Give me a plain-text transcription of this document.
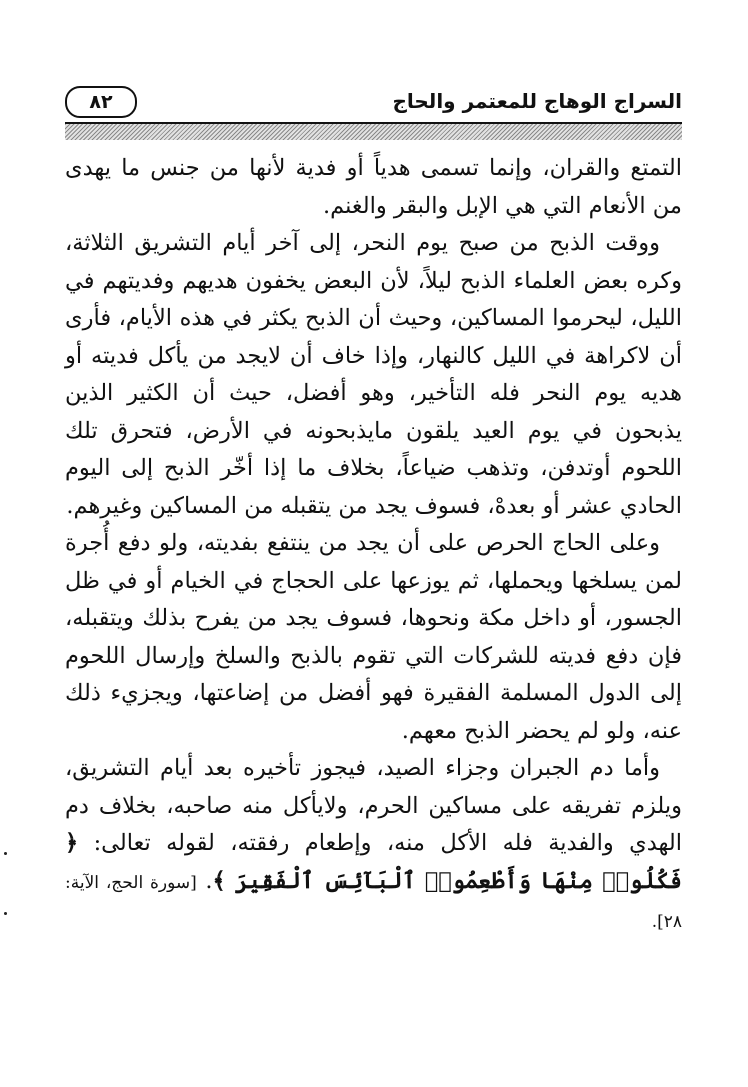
السراج الوهاج للمعتمر والحاج
٨٢

التمتع والقران، وإنما تسمى هدياً أو فدية لأنها من جنس ما يهدى من الأنعام التي هي الإبل والبقر والغنم.

ووقت الذبح من صبح يوم النحر، إلى آخر أيام التشريق الثلاثة، وكره بعض العلماء الذبح ليلاً، لأن البعض يخفون هديهم وفديتهم في الليل، ليحرموا المساكين، وحيث أن الذبح يكثر في هذه الأيام، فأرى أن لاكراهة في الليل كالنهار، وإذا خاف أن لايجد من يأكل فديته أو هديه يوم النحر فله التأخير، وهو أفضل، حيث أن الكثير الذين يذبحون في يوم العيد يلقون مايذبحونه في الأرض، فتحرق تلك اللحوم أوتدفن، وتذهب ضياعاً، بخلاف ما إذا أخّر الذبح إلى اليوم الحادي عشر أو بعدهْ، فسوف يجد من يتقبله من المساكين وغيرهم.

وعلى الحاج الحرص على أن يجد من ينتفع بفديته، ولو دفع أُجرة لمن يسلخها ويحملها، ثم يوزعها على الحجاج في الخيام أو في ظل الجسور، أو داخل مكة ونحوها، فسوف يجد من يفرح بذلك ويتقبله، فإن دفع فديته للشركات التي تقوم بالذبح والسلخ وإرسال اللحوم إلى الدول المسلمة الفقيرة فهو أفضل من إضاعتها، ويجزيء ذلك عنه، ولو لم يحضر الذبح معهم.

وأما دم الجبران وجزاء الصيد، فيجوز تأخيره بعد أيام التشريق، ويلزم تفريقه على مساكين الحرم، ولايأكل منه صاحبه، بخلاف دم الهدي والفدية فله الأكل منه، وإطعام رفقته، لقوله تعالى: ﴿ فَكُلُوا۟ مِنْهَا وَأَطْعِمُوا۟ ٱلْبَآئِسَ ٱلْفَقِيرَ ﴾. [سورة الحج، الآية: ٢٨].
